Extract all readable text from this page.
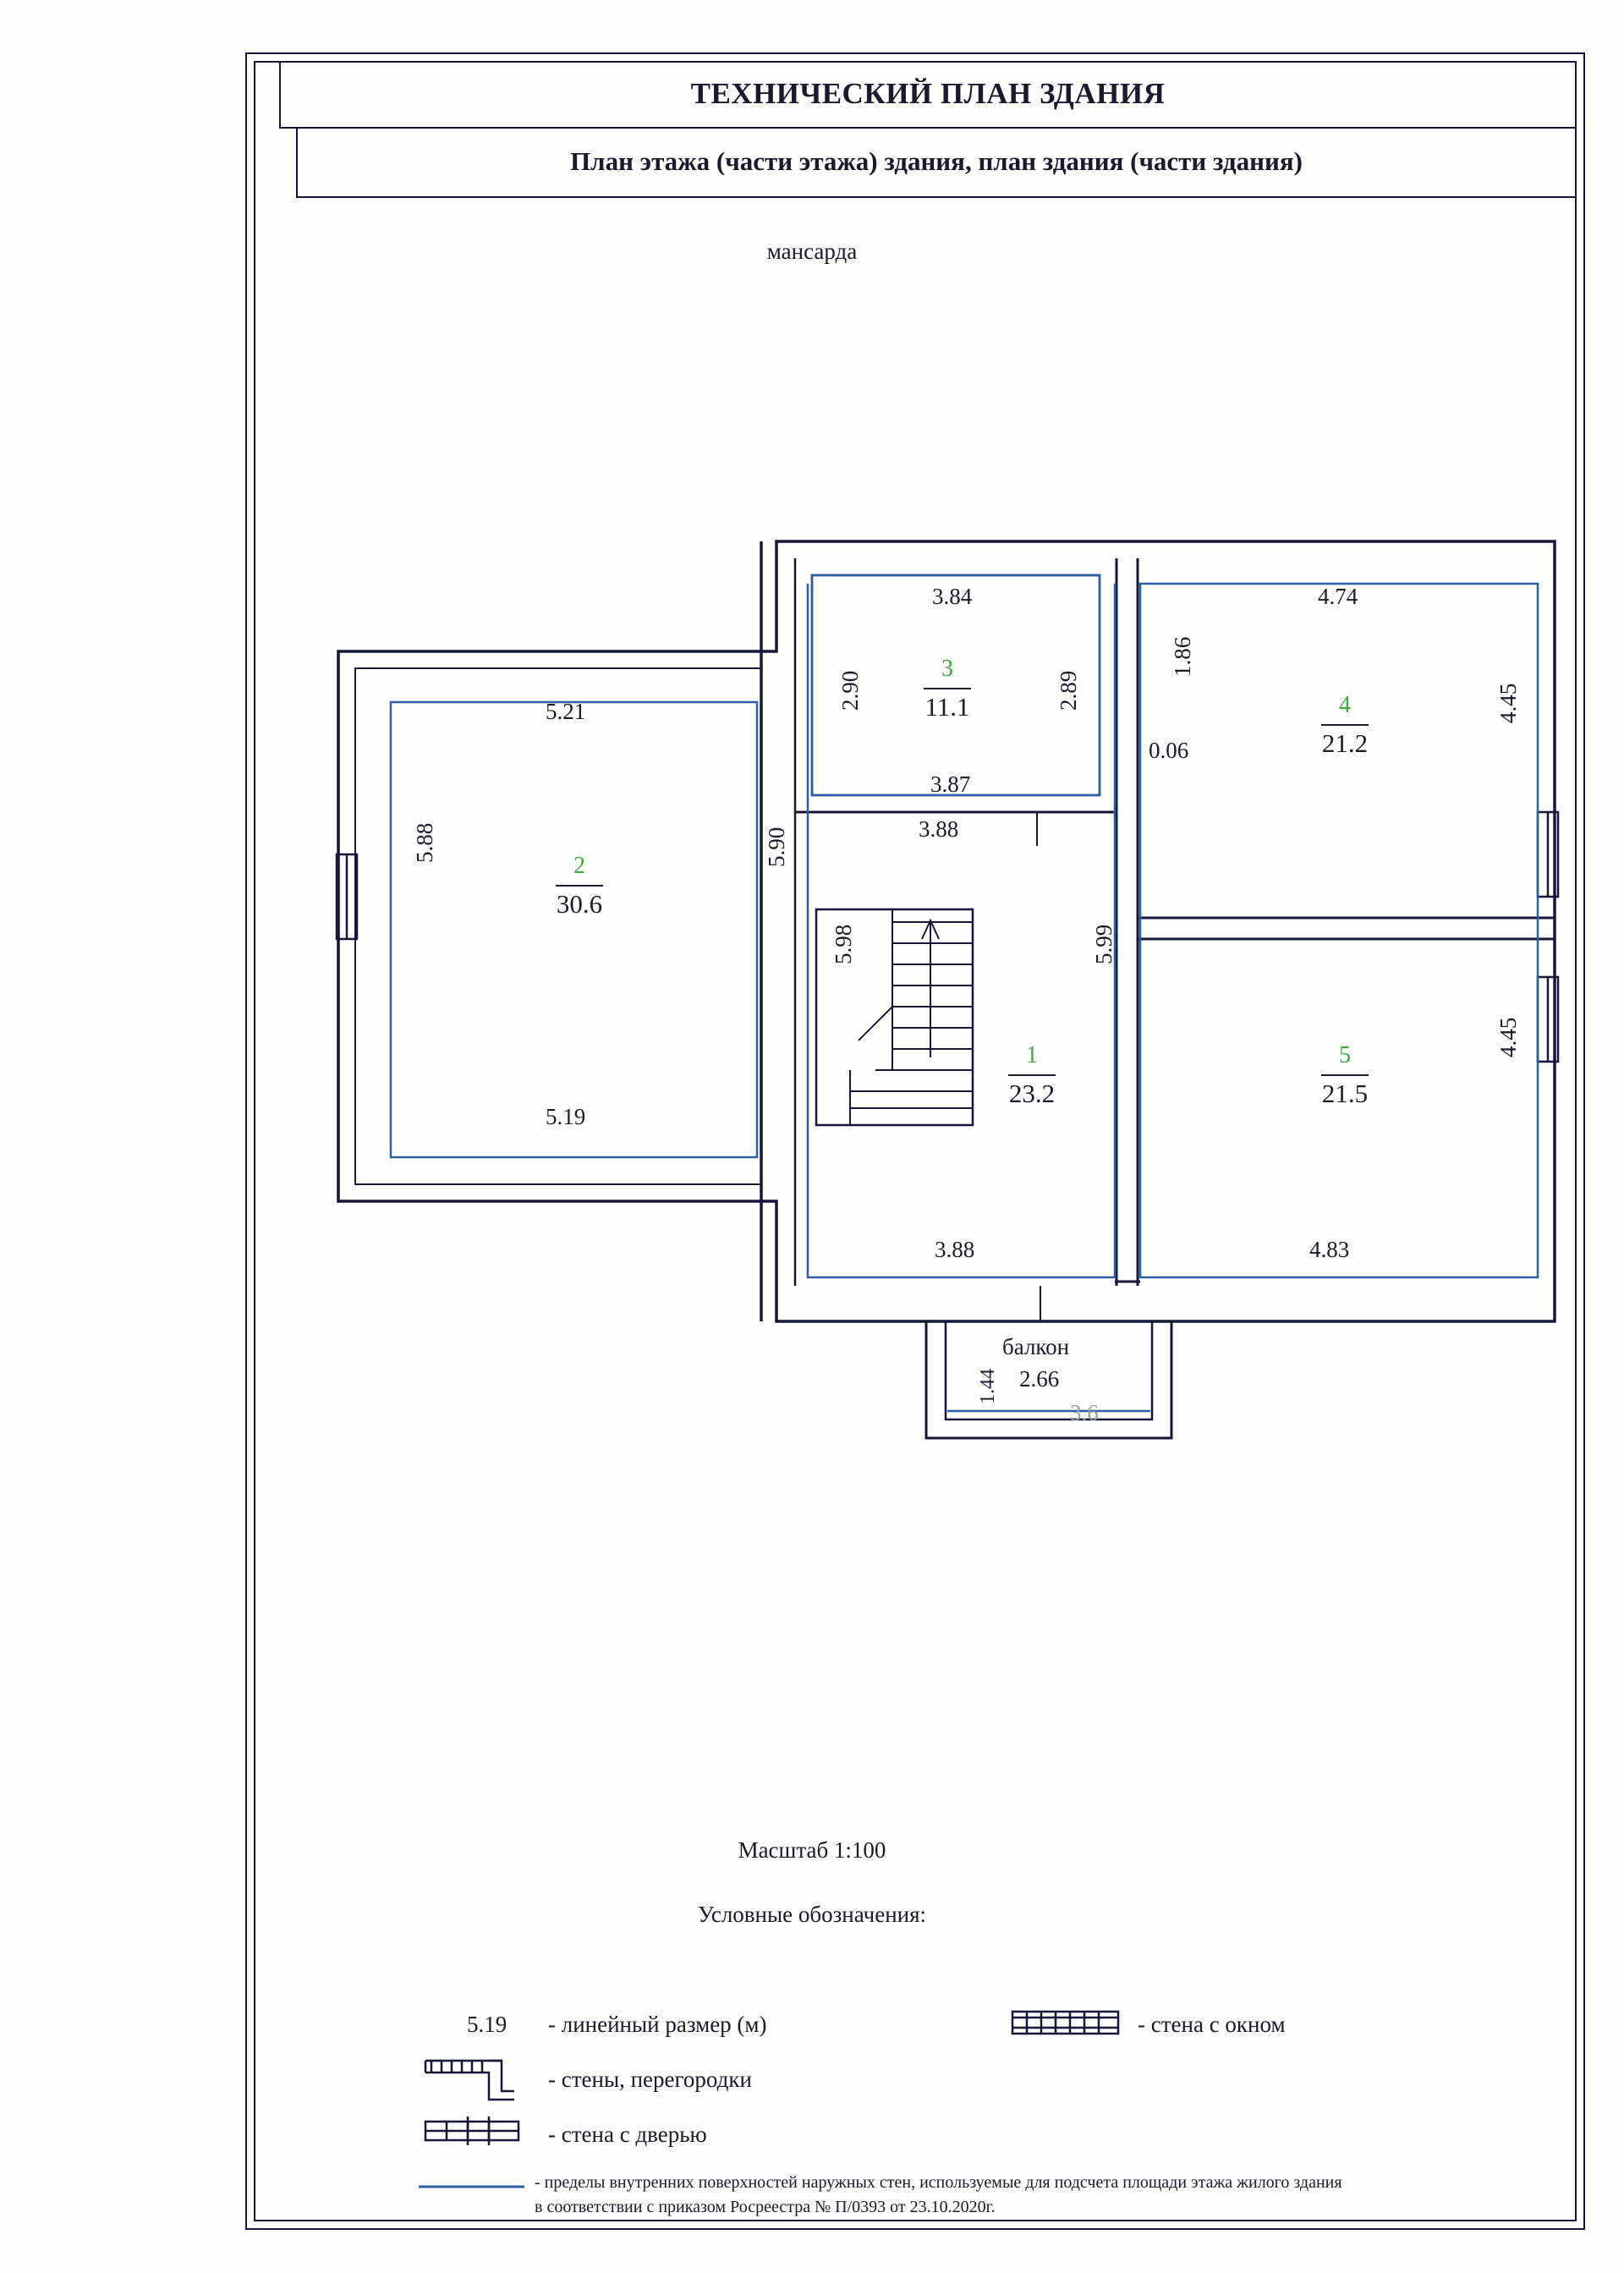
ТЕХНИЧЕСКИЙ ПЛАН ЗДАНИЯ
План этажа (части этажа) здания, план здания (части здания)
мансарда
3.84
2.90	2.89
3.87
3
11.1
3.88
1.86
0.06
4.74
4.45
4
21.2
5.21
5.88
5.19
5.90
2
30.6
5.98	5.99
1
23.2
5
21.5
4.45
3.88	4.83
1.44
балкон
2.66
3.6
Масштаб 1:100
Условные обозначения:
5.19 - линейный размер (м)
- стены, перегородки
- стена с дверью
- стена с окном
- пределы внутренних поверхностей наружных стен, используемые для подсчета площади этажа жилого здания
в соответствии с приказом Росреестра № П/0393 от 23.10.2020г.
